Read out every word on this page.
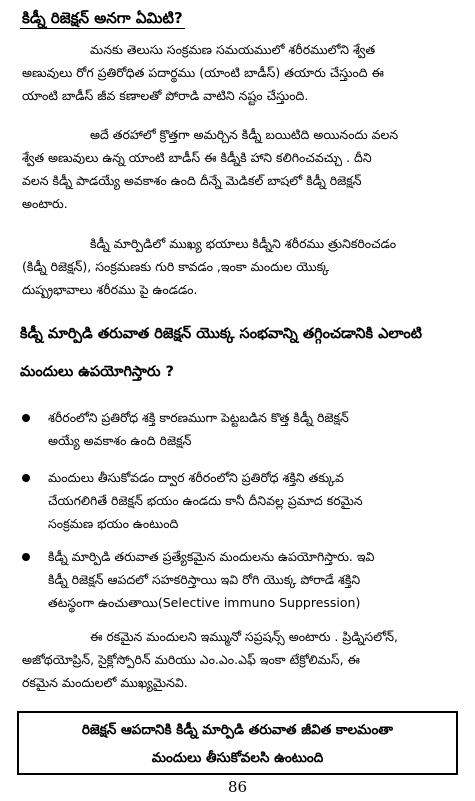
కిడ్నీ రిజెక్షన్ అనగా ఏమిటి?
మనకు తెలుసు సంక్రమణ సమయములో శరీరములోని శ్వేత
అణువులు రోగ ప్రతిరోధిత పదార్థము (యాంటి బాడీస్) తయారు చేస్తుంది ఈ
యాంటి బాడీస్ జీవ కణాలతో పోరాడి వాటిని నష్టం చేస్తుంది.
అదే తరహాలో క్రొత్తగా అమర్చిన కిడ్నీ బయిటిది అయినందు వలన
శ్వేత అణువులు ఉన్న యాంటి బాడీస్ ఈ కిడ్నీకి హాని కలిగించవచ్చు . దీని
వలన కిడ్నీ పాడయ్యే అవకాశం ఉంది దీన్నే మెడికల్ బాషలో కిడ్నీ రిజెక్షన్
అంటారు.
కిడ్నీ మార్పిడిలో ముఖ్య భయాలు కిడ్నీని శరీరము త్రునికరించడం
(కిడ్నీ రిజెక్షన్), సంక్రమణకు గురి కావడం ,ఇంకా మందుల యొక్క
దుష్ప్రభావాలు శరీరము పై ఉండడం.
కిడ్నీ మార్పిడి తరువాత రిజెక్షన్ యొక్క సంభవాన్ని తగ్గించడానికి ఎలాంటి
మందులు ఉపయోగిస్తారు ?
శరీరంలోని ప్రతిరోధ శక్తి కారణముగా పెట్టబడిన కొత్త కిడ్నీ రిజెక్షన్
అయ్యే అవకాశం ఉంది రిజెక్షన్
మందులు తీసుకోవడం ద్వార శరీరంలోని ప్రతిరోధ శక్తిని తక్కువ
చేయగలిగితే రిజెక్షన్ భయం ఉండదు కానీ దీనివల్ల ప్రమాద కరమైన
సంక్రమణ భయం ఉంటుంది
కిడ్నీ మార్పిడి తరువాత ప్రత్యేకమైన మందులను ఉపయోగిస్తారు. ఇవి
కిడ్నీ రిజెక్షన్ ఆపదలో సహకరిస్తాయి ఇవి రోగి యొక్క పోరాడే శక్తిని
తటస్థంగా ఉంచుతాయి(Selective immuno Suppression)
ఈ రకమైన మందులని ఇమ్మునో సప్రషన్స్ అంటారు . ప్రిడ్నిసలోన్,
అజోథయోప్రిన్, సైక్లోస్పోరిన్ మరియు ఎం.ఎం.ఎఫ్ ఇంకా టేక్రోలిమస్, ఈ
రకమైన మందులలో ముఖ్యమైనవి.
రిజెక్షన్ ఆపదానికి కిడ్నీ మార్పిడి తరువాత జీవిత కాలమంతా
మందులు తీసుకోవలసి ఉంటుంది
86
